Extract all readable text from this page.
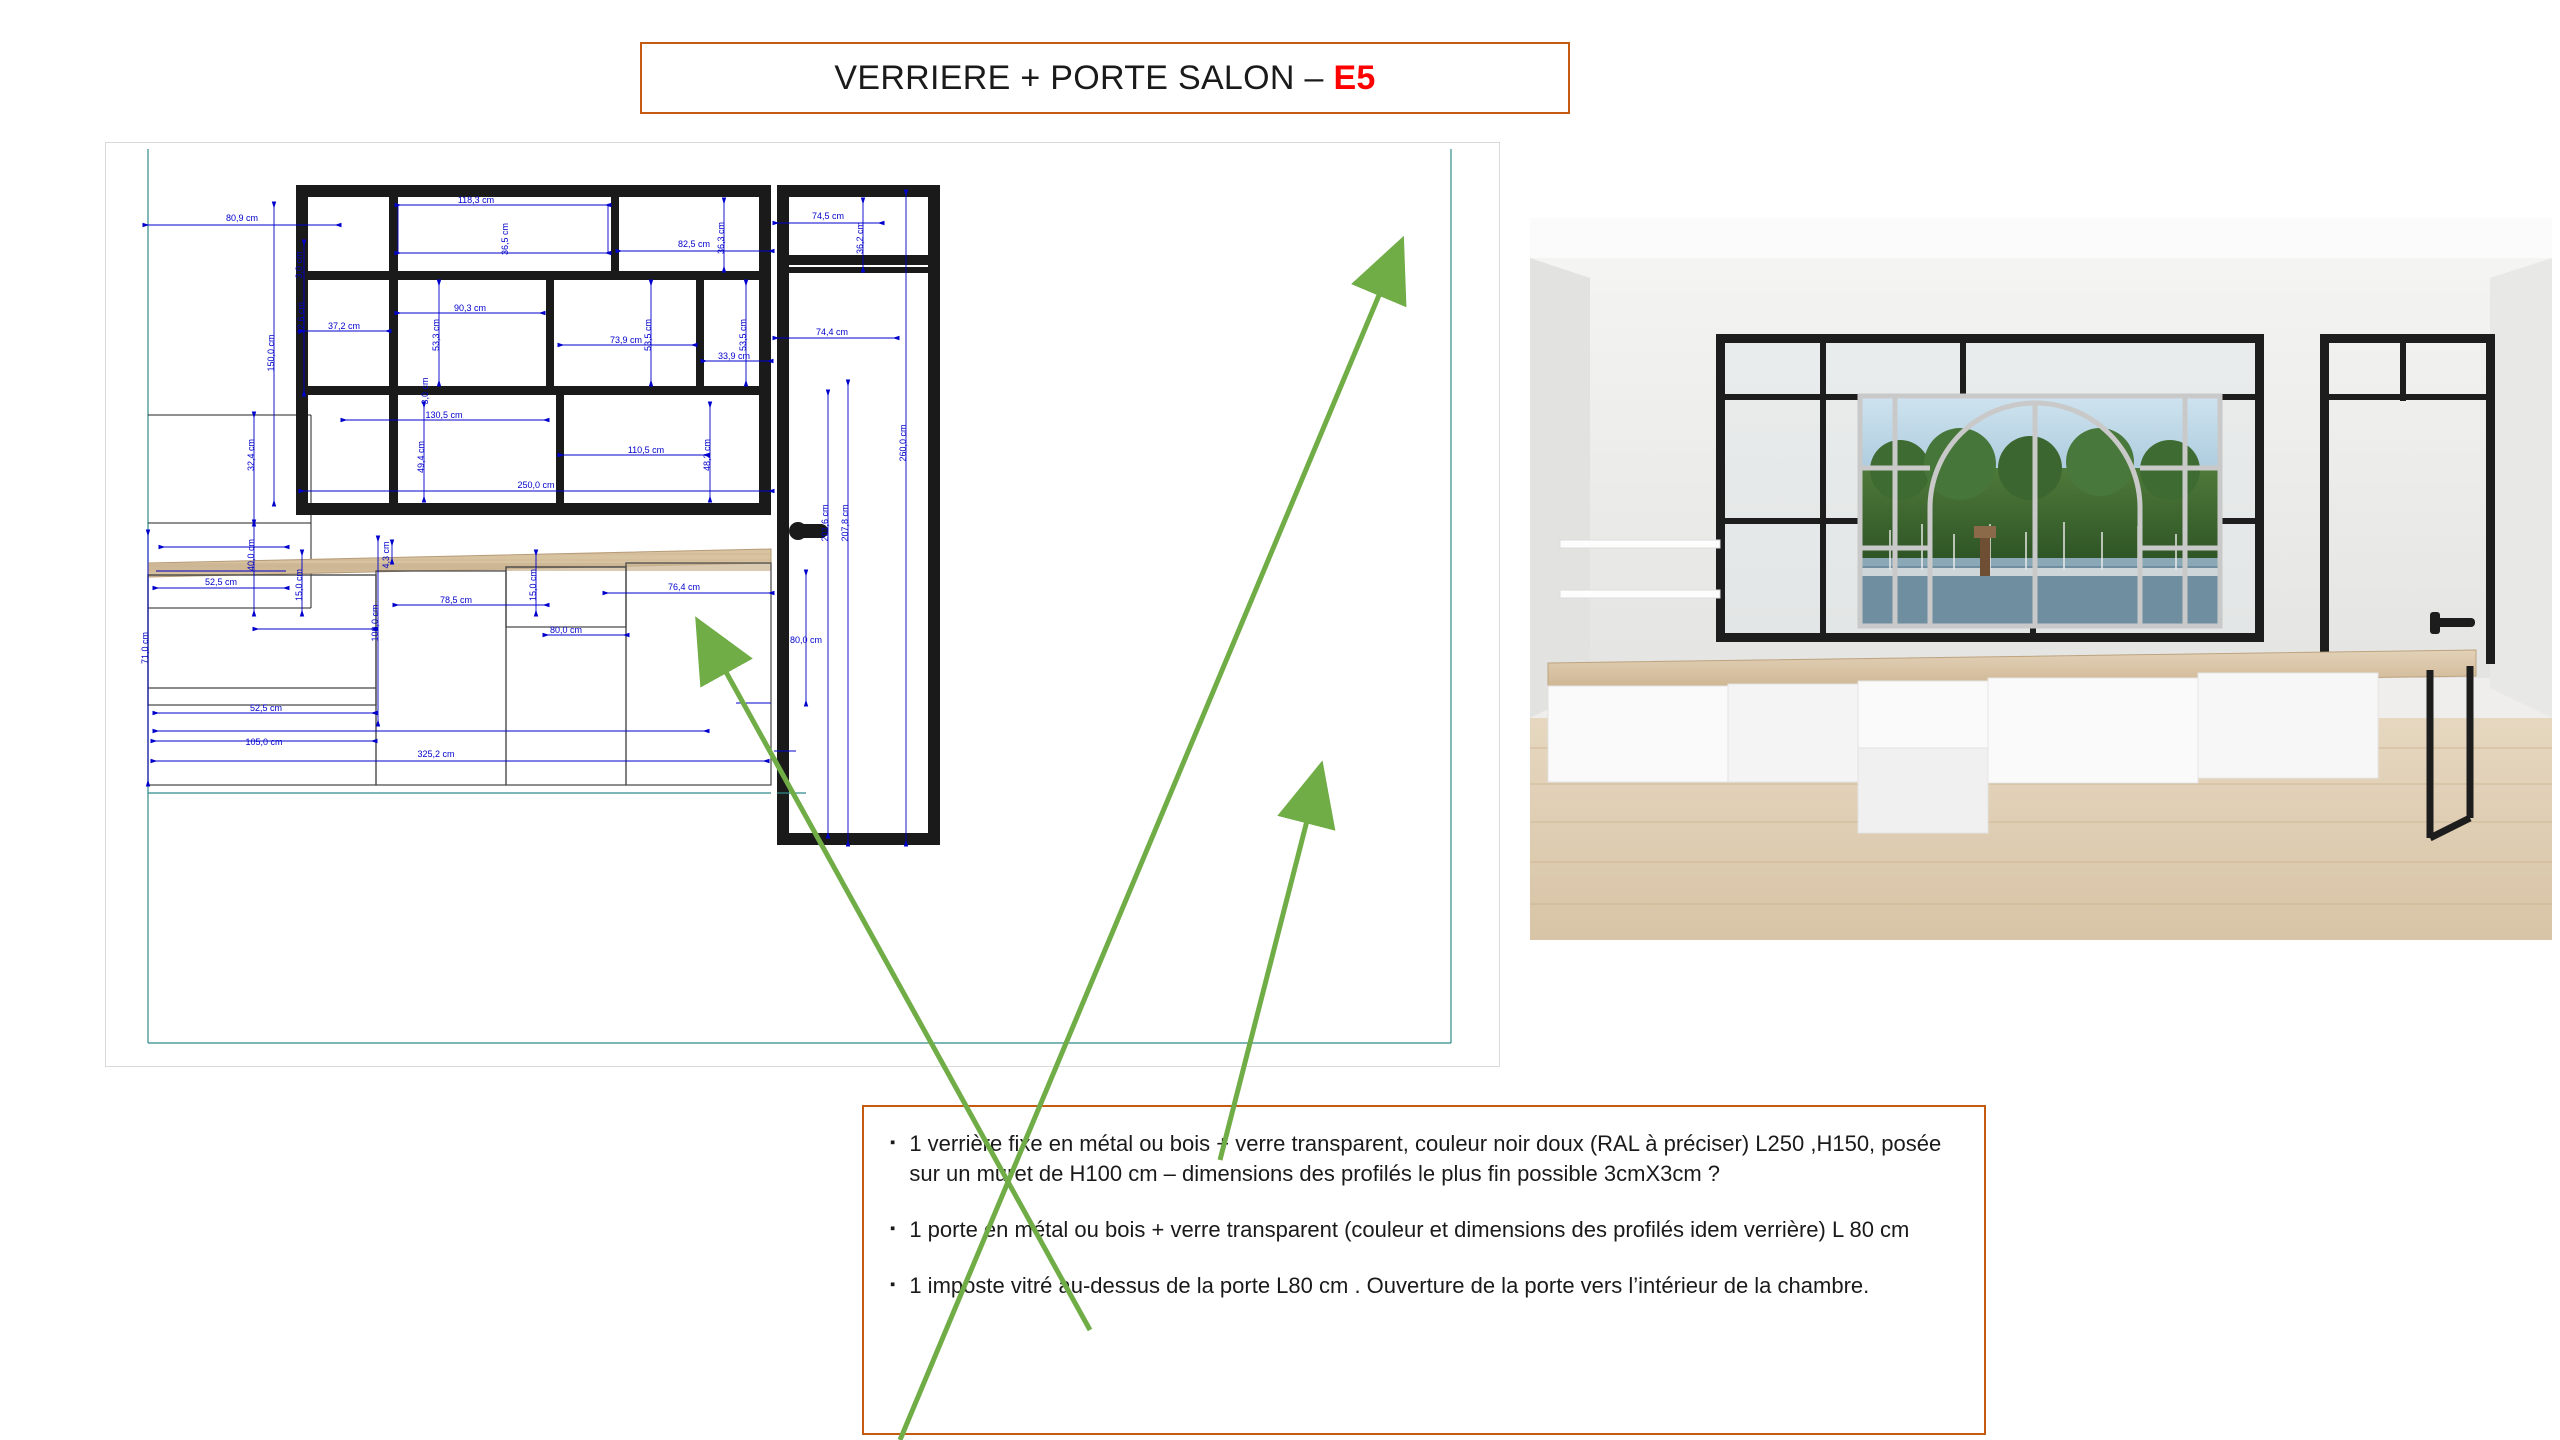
VERRIERE + PORTE SALON – E5
118,3 cm
36,5 cm
80,9 cm
82,5 cm 36,3 cm
74,5 cm
36,2 cm
3,0 cm
92,6 cm
150,0 cm
37,2 cm
90,3 cm
53,3 cm	73,9 cm 53,5 cm
33,9 cm
53,5 cm	74,4 cm
3,0 cm
130,5 cm
32,4 cm	49,4 cm	110,5 cm	48,2 cm
250,0 cm
260,0 cm
40,0 cm
201,6 cm 207,8 cm
4,3 cm
15,0 cm
100,0 cm
15,0 cm	76,4 cm
52,5 cm
78,5 cm
80,0 cm
80,0 cm
71,0 cm
52,5 cm
105,0 cm
325,2 cm
▪ 1 verrière fixe en métal ou bois + verre transparent, couleur noir doux (RAL à préciser) L250 ,H150, posée sur un muret de H100 cm – dimensions des profilés le plus fin possible 3cmX3cm ?
▪ 1 porte en métal ou bois + verre transparent (couleur et dimensions des profilés idem verrière) L 80 cm
▪ 1 imposte vitré au-dessus de la porte L80 cm . Ouverture de la porte vers l’intérieur de la chambre.
